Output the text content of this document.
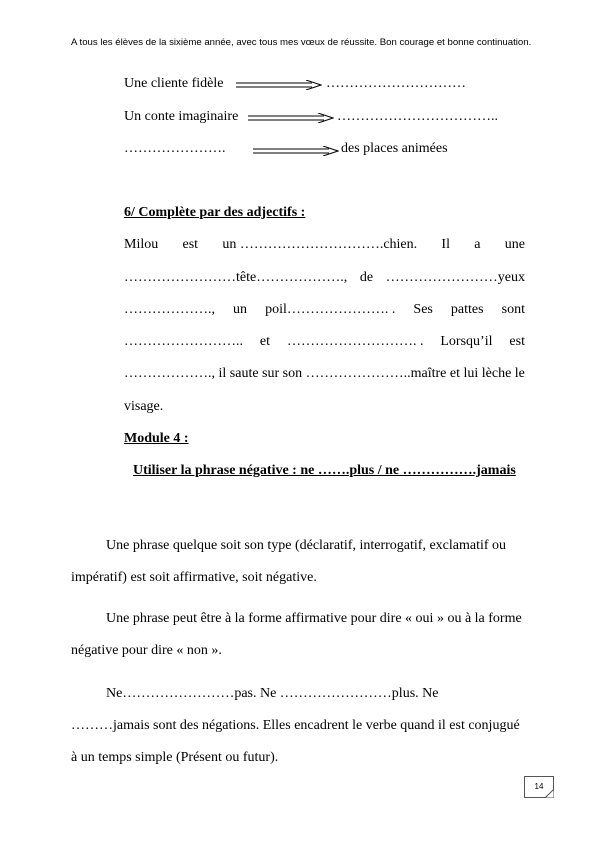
A tous les élèves de la sixième année, avec tous mes vœux de réussite. Bon courage et bonne continuation.
Une cliente fidèle	…………………………
Un conte imaginaire	……………………………..
………………….	des places animées
6/ Complète par des adjectifs :
Milou est un ………………………….chien. Il a une
……………………tête………………., de ……………………yeux
………………., un poil…………………. . Ses pattes sont
…………………….. et ………………………. . Lorsqu’il est
………………., il saute sur son …………………..maître et lui lèche le
visage.
Module 4 :
Utiliser la phrase négative : ne …….plus / ne …………….jamais
Une phrase quelque soit son type (déclaratif, interrogatif, exclamatif ou
impératif) est soit affirmative, soit négative.
Une phrase peut être à la forme affirmative pour dire « oui » ou à la forme
négative pour dire « non ».
Ne……………………pas. Ne ……………………plus. Ne
………jamais sont des négations. Elles encadrent le verbe quand il est conjugué
à un temps simple (Présent ou futur).
14
